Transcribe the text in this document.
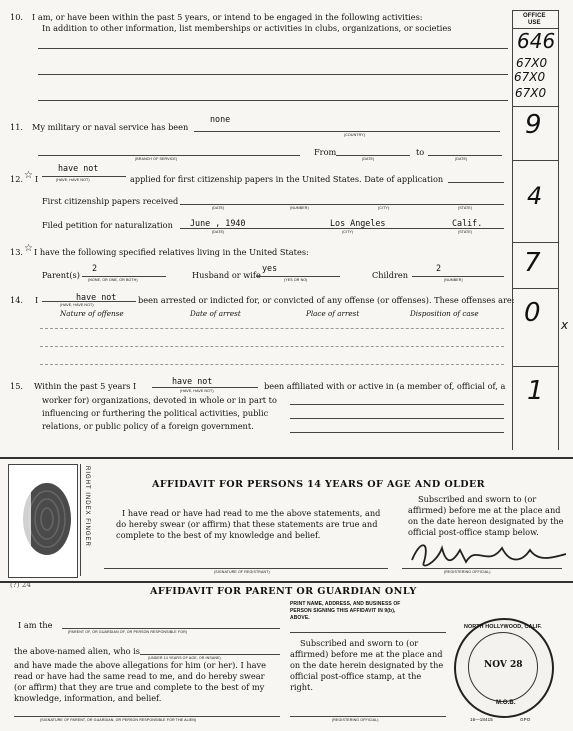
OFFICE
USE
646
67X0
67X0
67X0
9
4
7
0 x
1
10. I am, or have been within the past 5 years, or intend to be engaged in the following activities:
In addition to other information, list memberships or activities in clubs, organizations, or societies
11. My military or naval service has been
none
(COUNTRY)
(BRANCH OF SERVICE)
From
(DATE)
to
(DATE)
12. ☆ I
have not
(HAVE, HAVE NOT)	applied for first citizenship papers in the United States. Date of application
First citizenship papers received
(DATE)	(NUMBER)	(CITY)	(STATE)
Filed petition for naturalization June , 1940	Los Angeles	Calif.
(DATE)	(CITY)	(STATE)
13. ☆ I have the following specified relatives living in the United States:
Parent(s)
2
(NONE, OR ONE, OR BOTH)	Husband or wife
yes
(YES OR NO)	Children
2
(NUMBER)
14. I	have not
(HAVE, HAVE NOT)	been arrested or indicted for, or convicted of any offense (or offenses). These offenses are:
Nature of offense	Date of arrest	Place of arrest	Disposition of case
15. Within the past 5 years I	have not
(HAVE, HAVE NOT)	been affiliated with or active in (a member of, official of, a
worker for) organizations, devoted in whole or in part to
influencing or furthering the political activities, public
relations, or public policy of a foreign government.
RIGHT INDEX FINGER	AFFIDAVIT FOR PERSONS 14 YEARS OF AGE AND OLDER
I have read or have had read to me the above statements, and
do hereby swear (or affirm) that these statements are true and
complete to the best of my knowledge and belief.
Subscribed and sworn to (or
affirmed) before me at the place and
on the date hereon designated by the
official post-office stamp below.
(SIGNATURE OF REGISTRANT)	(REGISTERING OFFICIAL)
(?) 24
AFFIDAVIT FOR PARENT OR GUARDIAN ONLY
I am the
(PARENT OF, OR GUARDIAN OF, OR PERSON RESPONSIBLE FOR)
PRINT NAME, ADDRESS, AND BUSINESS OF
PERSON SIGNING THIS AFFIDAVIT IN 9(b),
ABOVE.
the above-named alien, who is
(UNDER 14 YEARS OF AGE, OR INSANE)
and have made the above allegations for him (or her). I have
read or have had the same read to me, and do hereby swear
(or affirm) that they are true and complete to the best of my
knowledge, information, and belief.
Subscribed and sworn to (or
affirmed) before me at the place and
on the date herein designated by the
official post-office stamp, at the
right.
(SIGNATURE OF PARENT, OR GUARDIAN, OR PERSON RESPONSIBLE FOR THE ALIEN)	(REGISTERING OFFICIAL)	16—18415	GPO
NORTH HOLLYWOOD, CALIF.
NOV 28
M.O.B.
